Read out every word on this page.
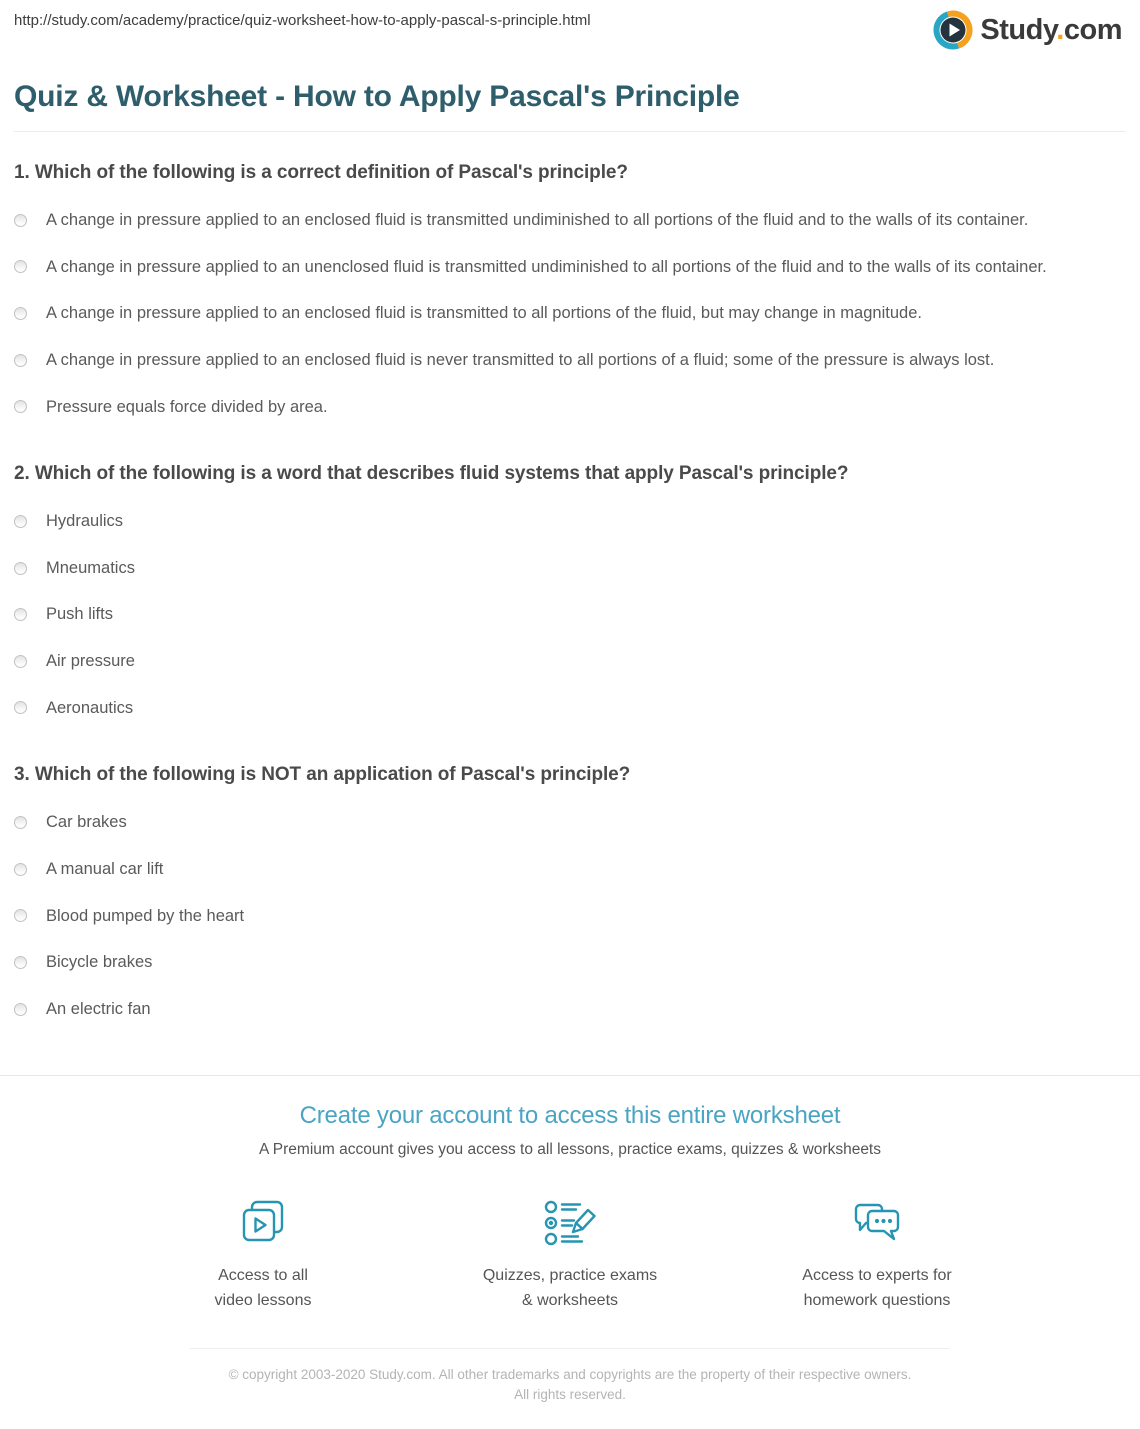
http://study.com/academy/practice/quiz-worksheet-how-to-apply-pascal-s-principle.html	Study.com
Quiz & Worksheet - How to Apply Pascal's Principle
1. Which of the following is a correct definition of Pascal's principle?
A change in pressure applied to an enclosed fluid is transmitted undiminished to all portions of the fluid and to the walls of its container.
A change in pressure applied to an unenclosed fluid is transmitted undiminished to all portions of the fluid and to the walls of its container.
A change in pressure applied to an enclosed fluid is transmitted to all portions of the fluid, but may change in magnitude.
A change in pressure applied to an enclosed fluid is never transmitted to all portions of a fluid; some of the pressure is always lost.
Pressure equals force divided by area.
2. Which of the following is a word that describes fluid systems that apply Pascal's principle?
Hydraulics
Mneumatics
Push lifts
Air pressure
Aeronautics
3. Which of the following is NOT an application of Pascal's principle?
Car brakes
A manual car lift
Blood pumped by the heart
Bicycle brakes
An electric fan
Create your account to access this entire worksheet
A Premium account gives you access to all lessons, practice exams, quizzes & worksheets
Access to all
video lessons
Quizzes, practice exams
& worksheets
Access to experts for
homework questions
© copyright 2003-2020 Study.com. All other trademarks and copyrights are the property of their respective owners. All rights reserved.
